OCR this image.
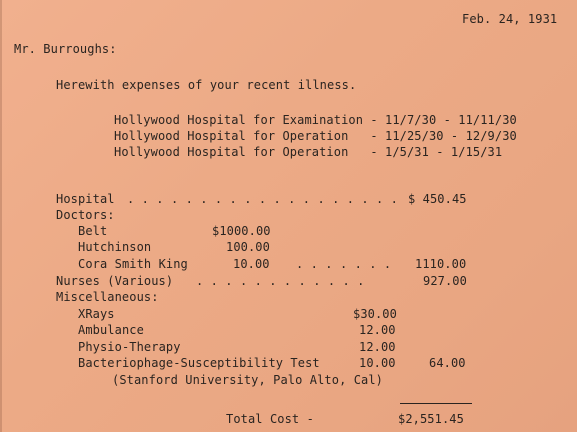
Feb. 24, 1931
Mr. Burroughs:
Herewith expenses of your recent illness.
Hollywood Hospital for Examination - 11/7/30 - 11/11/30
Hollywood Hospital for Operation   - 11/25/30 - 12/9/30
Hollywood Hospital for Operation   - 1/5/31 - 1/15/31
Hospital . . . . . . . . . . . . . . . . . . . $ 450.45
Doctors:
Belt	$1000.00
Hutchinson	100.00
Cora Smith King	10.00 . . . . . . . 1110.00
Nurses (Various) . . . . . . . . . . . .	927.00
Miscellaneous:
XRays	$30.00
Ambulance	12.00
Physio-Therapy	12.00
Bacteriophage-Susceptibility Test	10.00	64.00
(Stanford University, Palo Alto, Cal)
Total Cost -	$2,551.45
